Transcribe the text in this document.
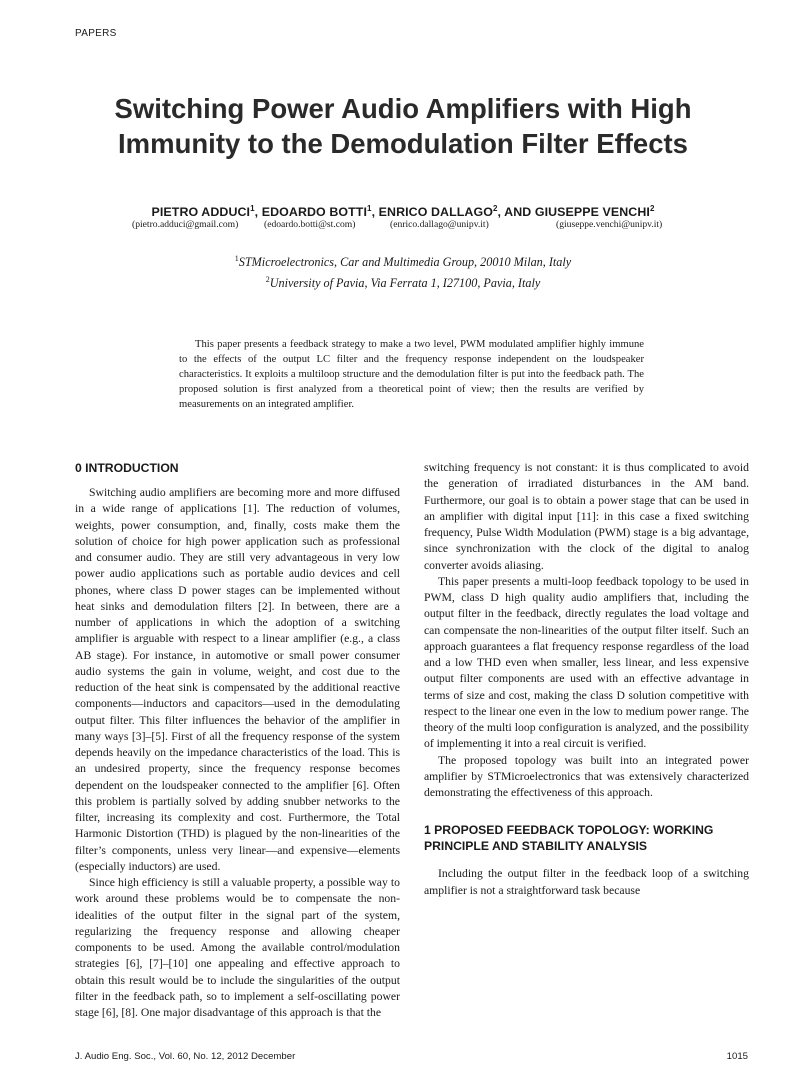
PAPERS
Switching Power Audio Amplifiers with High
Immunity to the Demodulation Filter Effects
PIETRO ADDUCI$^1$, EDOARDO BOTTI$^1$, ENRICO DALLAGO$^2$, AND GIUSEPPE VENCHI$^2$
(pietro.adduci@gmail.com)	(edoardo.botti@st.com)	(enrico.dallago@unipv.it)	(giuseppe.venchi@unipv.it)
$^1$STMicroelectronics, Car and Multimedia Group, 20010 Milan, Italy
$^2$University of Pavia, Via Ferrata 1, I27100, Pavia, Italy
This paper presents a feedback strategy to make a two level, PWM modulated amplifier highly immune to the effects of the output LC filter and the frequency response independent on the loudspeaker characteristics. It exploits a multiloop structure and the demodulation filter is put into the feedback path. The proposed solution is first analyzed from a theoretical point of view; then the results are verified by measurements on an integrated amplifier.
0 INTRODUCTION

Switching audio amplifiers are becoming more and more diffused in a wide range of applications [1]. The reduction of volumes, weights, power consumption, and, finally, costs make them the solution of choice for high power application such as professional and consumer audio. They are still very advantageous in very low power audio applications such as portable audio devices and cell phones, where class D power stages can be implemented without heat sinks and demodulation filters [2]. In between, there are a number of applications in which the adoption of a switching amplifier is arguable with respect to a linear amplifier (e.g., a class AB stage). For instance, in automotive or small power consumer audio systems the gain in volume, weight, and cost due to the reduction of the heat sink is compensated by the additional reactive components—inductors and capacitors—used in the demodulating output filter. This filter influences the behavior of the amplifier in many ways [3]–[5]. First of all the frequency response of the system depends heavily on the impedance characteristics of the load. This is an undesired property, since the frequency response becomes dependent on the loudspeaker connected to the amplifier [6]. Often this problem is partially solved by adding snubber networks to the filter, increasing its complexity and cost. Furthermore, the Total Harmonic Distortion (THD) is plagued by the non-linearities of the filter’s components, unless very linear—and expensive—elements (especially inductors) are used.

Since high efficiency is still a valuable property, a possible way to work around these problems would be to compensate the non-idealities of the output filter in the signal part of the system, regularizing the frequency response and allowing cheaper components to be used. Among the available control/modulation strategies [6], [7]–[10] one appealing and effective approach to obtain this result would be to include the singularities of the output filter in the feedback path, so to implement a self-oscillating power stage [6], [8]. One major disadvantage of this approach is that the

switching frequency is not constant: it is thus complicated to avoid the generation of irradiated disturbances in the AM band. Furthermore, our goal is to obtain a power stage that can be used in an amplifier with digital input [11]: in this case a fixed switching frequency, Pulse Width Modulation (PWM) stage is a big advantage, since synchronization with the clock of the digital to analog converter avoids aliasing.

This paper presents a multi-loop feedback topology to be used in PWM, class D high quality audio amplifiers that, including the output filter in the feedback, directly regulates the load voltage and can compensate the non-linearities of the output filter itself. Such an approach guarantees a flat frequency response regardless of the load and a low THD even when smaller, less linear, and less expensive output filter components are used with an effective advantage in terms of size and cost, making the class D solution competitive with respect to the linear one even in the low to medium power range. The theory of the multi loop configuration is analyzed, and the possibility of implementing it into a real circuit is verified.

The proposed topology was built into an integrated power amplifier by STMicroelectronics that was extensively characterized demonstrating the effectiveness of this approach.

1 PROPOSED FEEDBACK TOPOLOGY: WORKING PRINCIPLE AND STABILITY ANALYSIS

Including the output filter in the feedback loop of a switching amplifier is not a straightforward task because

J. Audio Eng. Soc., Vol. 60, No. 12, 2012 December	1015
